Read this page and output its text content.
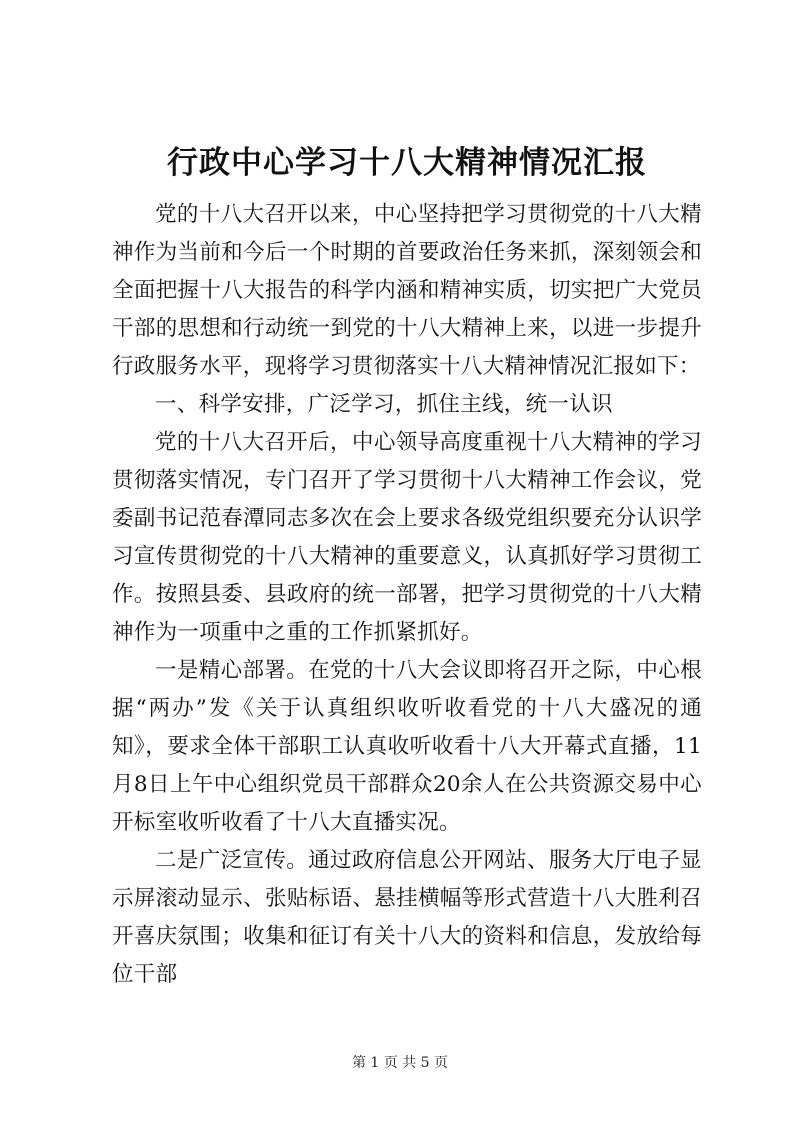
行政中心学习十八大精神情况汇报

党的十八大召开以来，中心坚持把学习贯彻党的十八大精神作为当前和今后一个时期的首要政治任务来抓，深刻领会和全面把握十八大报告的科学内涵和精神实质，切实把广大党员干部的思想和行动统一到党的十八大精神上来，以进一步提升行政服务水平，现将学习贯彻落实十八大精神情况汇报如下：

一、科学安排，广泛学习，抓住主线，统一认识

党的十八大召开后，中心领导高度重视十八大精神的学习贯彻落实情况，专门召开了学习贯彻十八大精神工作会议，党委副书记范春潭同志多次在会上要求各级党组织要充分认识学习宣传贯彻党的十八大精神的重要意义，认真抓好学习贯彻工作。按照县委、县政府的统一部署，把学习贯彻党的十八大精神作为一项重中之重的工作抓紧抓好。

一是精心部署。在党的十八大会议即将召开之际，中心根据“两办”发《关于认真组织收听收看党的十八大盛况的通知》，要求全体干部职工认真收听收看十八大开幕式直播，11月8日上午中心组织党员干部群众20余人在公共资源交易中心开标室收听收看了十八大直播实况。

二是广泛宣传。通过政府信息公开网站、服务大厅电子显示屏滚动显示、张贴标语、悬挂横幅等形式营造十八大胜利召开喜庆氛围；收集和征订有关十八大的资料和信息，发放给每位干部

第 1 页 共 5 页
